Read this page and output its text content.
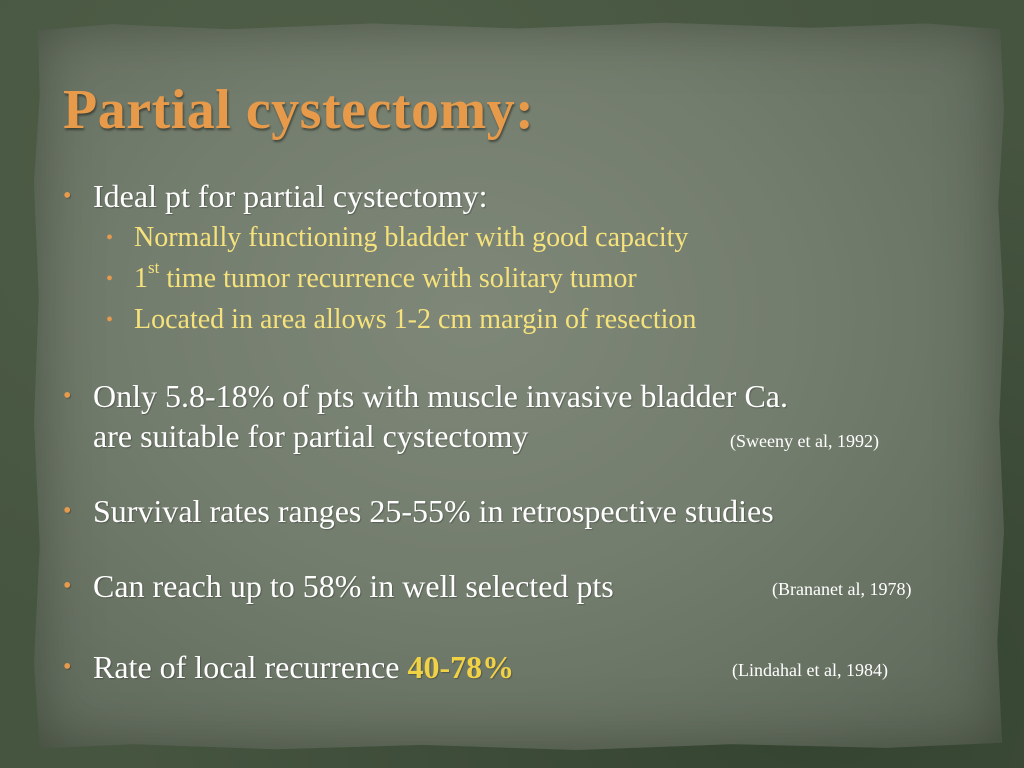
Partial cystectomy:
• Ideal pt for partial cystectomy:
• Normally functioning bladder with good capacity
• 1st time tumor recurrence with solitary tumor
• Located in area allows 1-2 cm margin of resection
• Only 5.8-18% of pts with muscle invasive bladder Ca.
are suitable for partial cystectomy	(Sweeny et al, 1992)
• Survival rates ranges 25-55% in retrospective studies
• Can reach up to 58% in well selected pts	(Brananet al, 1978)
• Rate of local recurrence 40-78%	(Lindahal et al, 1984)
